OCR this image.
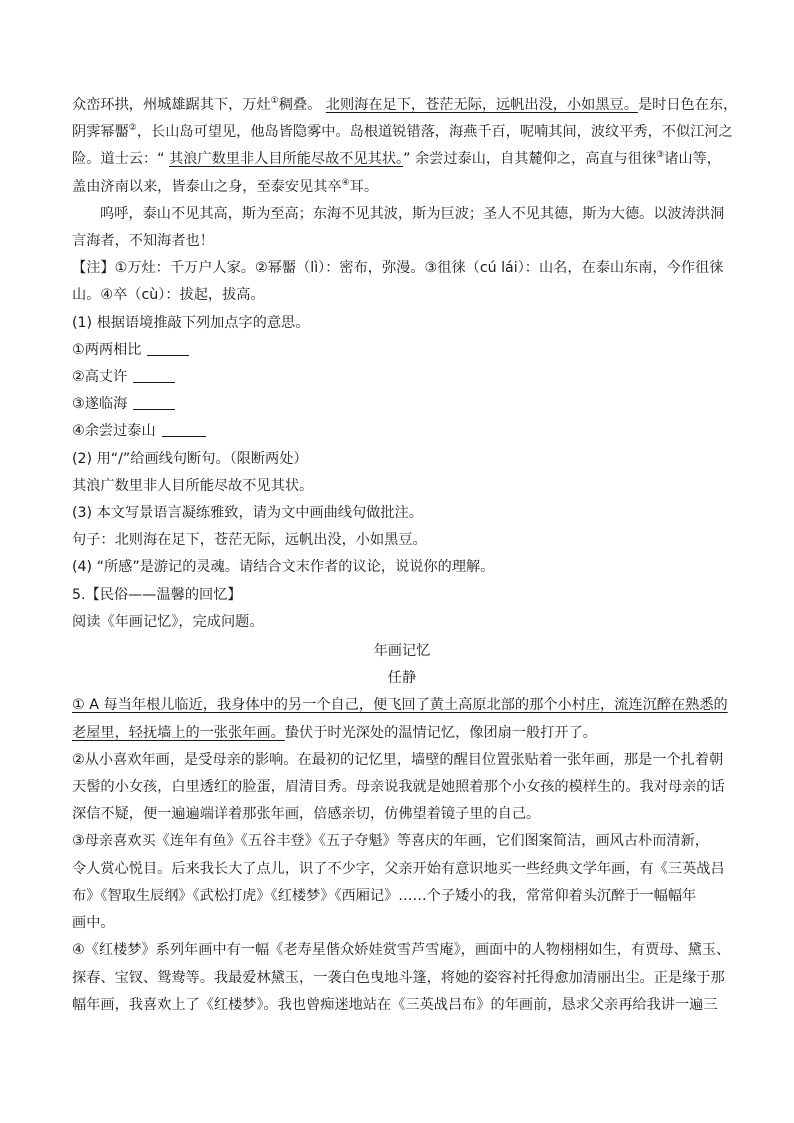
众峦环拱，州城雄踞其下，万灶①稠叠。 北则海在足下，苍茫无际，远帆出没，小如黑豆。是时日色在东，
阴霁幂靨②，长山岛可望见，他岛皆隐雾中。岛根道锐错落，海燕千百，呢喃其间，波纹平秀，不似江河之
险。道士云：“ 其浪广数里非人目所能尽故不见其状。” 余尝过泰山，自其麓仰之，高直与徂徕③诸山等，
盖由济南以来，皆泰山之身，至泰安见其卒④耳。
呜呼，泰山不见其高，斯为至高；东海不见其波，斯为巨波；圣人不见其德，斯为大德。以波涛洪洞
言海者，不知海者也！
【注】①万灶：千万户人家。②幂靨（lì）：密布，弥漫。③徂徕（cú lái）：山名，在泰山东南，今作徂徕
山。④卒（cù）：拔起，拔高。
(1) 根据语境推敲下列加点字的意思。
①两两相比
②高丈许
③遂临海
④余尝过泰山
(2) 用“/”给画线句断句。（限断两处）
其浪广数里非人目所能尽故不见其状。
(3) 本文写景语言凝练雅致，请为文中画曲线句做批注。
句子：北则海在足下，苍茫无际，远帆出没，小如黑豆。
(4) “所感”是游记的灵魂。请结合文末作者的议论，说说你的理解。
5.【民俗——温馨的回忆】
阅读《年画记忆》，完成问题。
年画记忆
任静
① A 每当年根儿临近，我身体中的另一个自己，便飞回了黄土高原北部的那个小村庄，流连沉醉在熟悉的
老屋里，轻抚墙上的一张张年画。蛰伏于时光深处的温情记忆，像团扇一般打开了。
②从小喜欢年画，是受母亲的影响。在最初的记忆里，墙壁的醒目位置张贴着一张年画，那是一个扎着朝
天髻的小女孩，白里透红的脸蛋，眉清目秀。母亲说我就是她照着那个小女孩的模样生的。我对母亲的话
深信不疑，便一遍遍端详着那张年画，倍感亲切，仿佛望着镜子里的自己。
③母亲喜欢买《连年有鱼》《五谷丰登》《五子夺魁》等喜庆的年画，它们图案简洁，画风古朴而清新，
令人赏心悦目。后来我长大了点儿，识了不少字，父亲开始有意识地买一些经典文学年画，有《三英战吕
布》《智取生辰纲》《武松打虎》《红楼梦》《西厢记》……个子矮小的我，常常仰着头沉醉于一幅幅年
画中。
④《红楼梦》系列年画中有一幅《老寿星偕众娇娃赏雪芦雪庵》，画面中的人物栩栩如生，有贾母、黛玉、
探春、宝钗、鸳鸯等。我最爱林黛玉，一袭白色曳地斗篷，将她的姿容衬托得愈加清丽出尘。正是缘于那
幅年画，我喜欢上了《红楼梦》。我也曾痴迷地站在《三英战吕布》的年画前，恳求父亲再给我讲一遍三
